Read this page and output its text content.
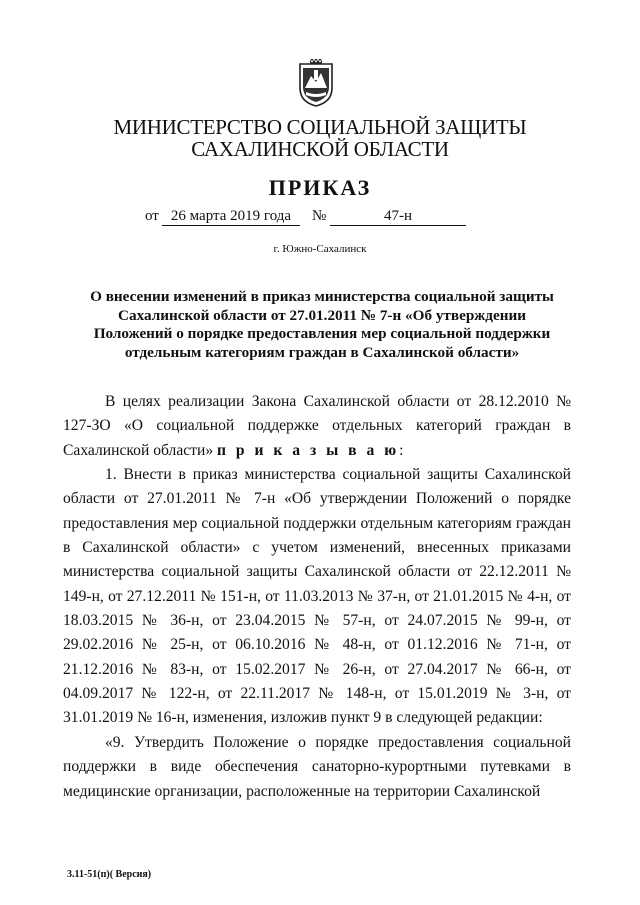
МИНИСТЕРСТВО СОЦИАЛЬНОЙ ЗАЩИТЫ
САХАЛИНСКОЙ ОБЛАСТИ
ПРИКАЗ
от 26 марта 2019 года	№	47-н
г. Южно-Сахалинск
О внесении изменений в приказ министерства социальной защиты Сахалинской области от 27.01.2011 № 7-н «Об утверждении Положений о порядке предоставления мер социальной поддержки отдельным категориям граждан в Сахалинской области»

В целях реализации Закона Сахалинской области от 28.12.2010 № 127-ЗО «О социальной поддержке отдельных категорий граждан в Сахалинской области» п р и к а з ы в а ю:

1. Внести в приказ министерства социальной защиты Сахалинской области от 27.01.2011 № 7-н «Об утверждении Положений о порядке предоставления мер социальной поддержки отдельным категориям граждан в Сахалинской области» с учетом изменений, внесенных приказами министерства социальной защиты Сахалинской области от 22.12.2011 № 149-н, от 27.12.2011 № 151-н, от 11.03.2013 № 37-н, от 21.01.2015 № 4-н, от 18.03.2015 № 36-н, от 23.04.2015 № 57-н, от 24.07.2015 № 99-н, от 29.02.2016 № 25-н, от 06.10.2016 № 48-н, от 01.12.2016 № 71-н, от 21.12.2016 № 83-н, от 15.02.2017 № 26-н, от 27.04.2017 № 66-н, от 04.09.2017 № 122-н, от 22.11.2017 № 148-н, от 15.01.2019 № 3-н, от 31.01.2019 № 16-н, изменения, изложив пункт 9 в следующей редакции:

«9. Утвердить Положение о порядке предоставления социальной поддержки в виде обеспечения санаторно-курортными путевками в медицинские организации, расположенные на территории Сахалинской

3.11-51(п)( Версия)
